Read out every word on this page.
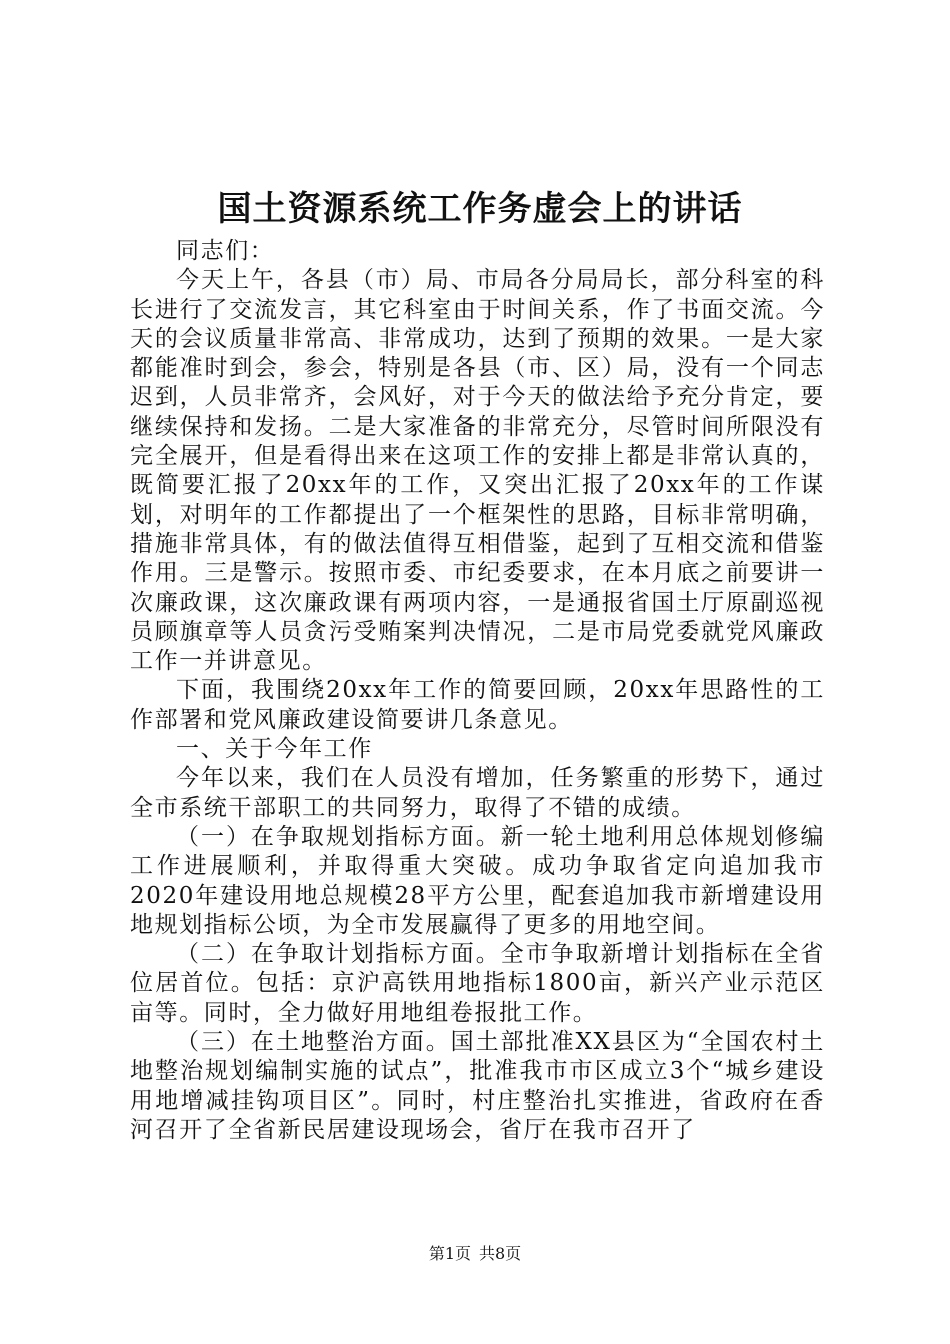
国土资源系统工作务虚会上的讲话

同志们：

今天上午，各县（市）局、市局各分局局长，部分科室的科长进行了交流发言，其它科室由于时间关系，作了书面交流。今天的会议质量非常高、非常成功，达到了预期的效果。一是大家都能准时到会，参会，特别是各县（市、区）局，没有一个同志迟到，人员非常齐，会风好，对于今天的做法给予充分肯定，要继续保持和发扬。二是大家准备的非常充分，尽管时间所限没有完全展开，但是看得出来在这项工作的安排上都是非常认真的，既简要汇报了20xx年的工作，又突出汇报了20xx年的工作谋划，对明年的工作都提出了一个框架性的思路，目标非常明确，措施非常具体，有的做法值得互相借鉴，起到了互相交流和借鉴作用。三是警示。按照市委、市纪委要求，在本月底之前要讲一次廉政课，这次廉政课有两项内容，一是通报省国土厅原副巡视员顾旗章等人员贪污受贿案判决情况，二是市局党委就党风廉政工作一并讲意见。

下面，我围绕20xx年工作的简要回顾，20xx年思路性的工作部署和党风廉政建设简要讲几条意见。

一、关于今年工作

今年以来，我们在人员没有增加，任务繁重的形势下，通过全市系统干部职工的共同努力，取得了不错的成绩。

（一）在争取规划指标方面。新一轮土地利用总体规划修编工作进展顺利，并取得重大突破。成功争取省定向追加我市2020年建设用地总规模28平方公里，配套追加我市新增建设用地规划指标公顷，为全市发展赢得了更多的用地空间。

（二）在争取计划指标方面。全市争取新增计划指标在全省位居首位。包括：京沪高铁用地指标1800亩，新兴产业示范区亩等。同时，全力做好用地组卷报批工作。

（三）在土地整治方面。国土部批准XX县区为“全国农村土地整治规划编制实施的试点”，批准我市市区成立3个“城乡建设用地增减挂钩项目区”。同时，村庄整治扎实推进，省政府在香河召开了全省新民居建设现场会，省厅在我市召开了

第1页 共8页
